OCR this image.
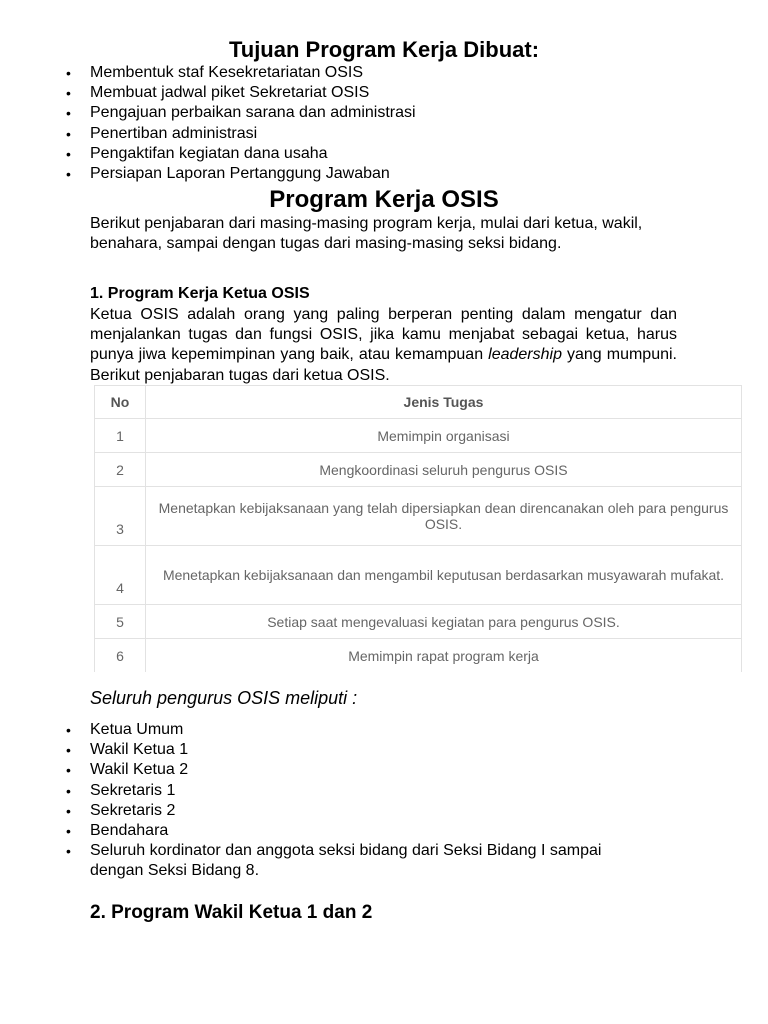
Tujuan Program Kerja Dibuat:
• Membentuk staf Kesekretariatan OSIS
• Membuat jadwal piket Sekretariat OSIS
• Pengajuan perbaikan sarana dan administrasi
• Penertiban administrasi
• Pengaktifan kegiatan dana usaha
• Persiapan Laporan Pertanggung Jawaban
Program Kerja OSIS

Berikut penjabaran dari masing-masing program kerja, mulai dari ketua, wakil, benahara, sampai dengan tugas dari masing-masing seksi bidang.

1. Program Kerja Ketua OSIS

Ketua OSIS adalah orang yang paling berperan penting dalam mengatur dan menjalankan tugas dan fungsi OSIS, jika kamu menjabat sebagai ketua, harus punya jiwa kepemimpinan yang baik, atau kemampuan leadership yang mumpuni. Berikut penjabaran tugas dari ketua OSIS.

No	Jenis Tugas
1	Memimpin organisasi
2	Mengkoordinasi seluruh pengurus OSIS
3	Menetapkan kebijaksanaan yang telah dipersiapkan dean direncanakan oleh para pengurus OSIS.
4	Menetapkan kebijaksanaan dan mengambil keputusan berdasarkan musyawarah mufakat.
5	Setiap saat mengevaluasi kegiatan para pengurus OSIS.
6	Memimpin rapat program kerja

Seluruh pengurus OSIS meliputi :

• Ketua Umum
• Wakil Ketua 1
• Wakil Ketua 2
• Sekretaris 1
• Sekretaris 2
• Bendahara
• Seluruh kordinator dan anggota seksi bidang dari Seksi Bidang I sampai dengan Seksi Bidang 8.
2. Program Wakil Ketua 1 dan 2
